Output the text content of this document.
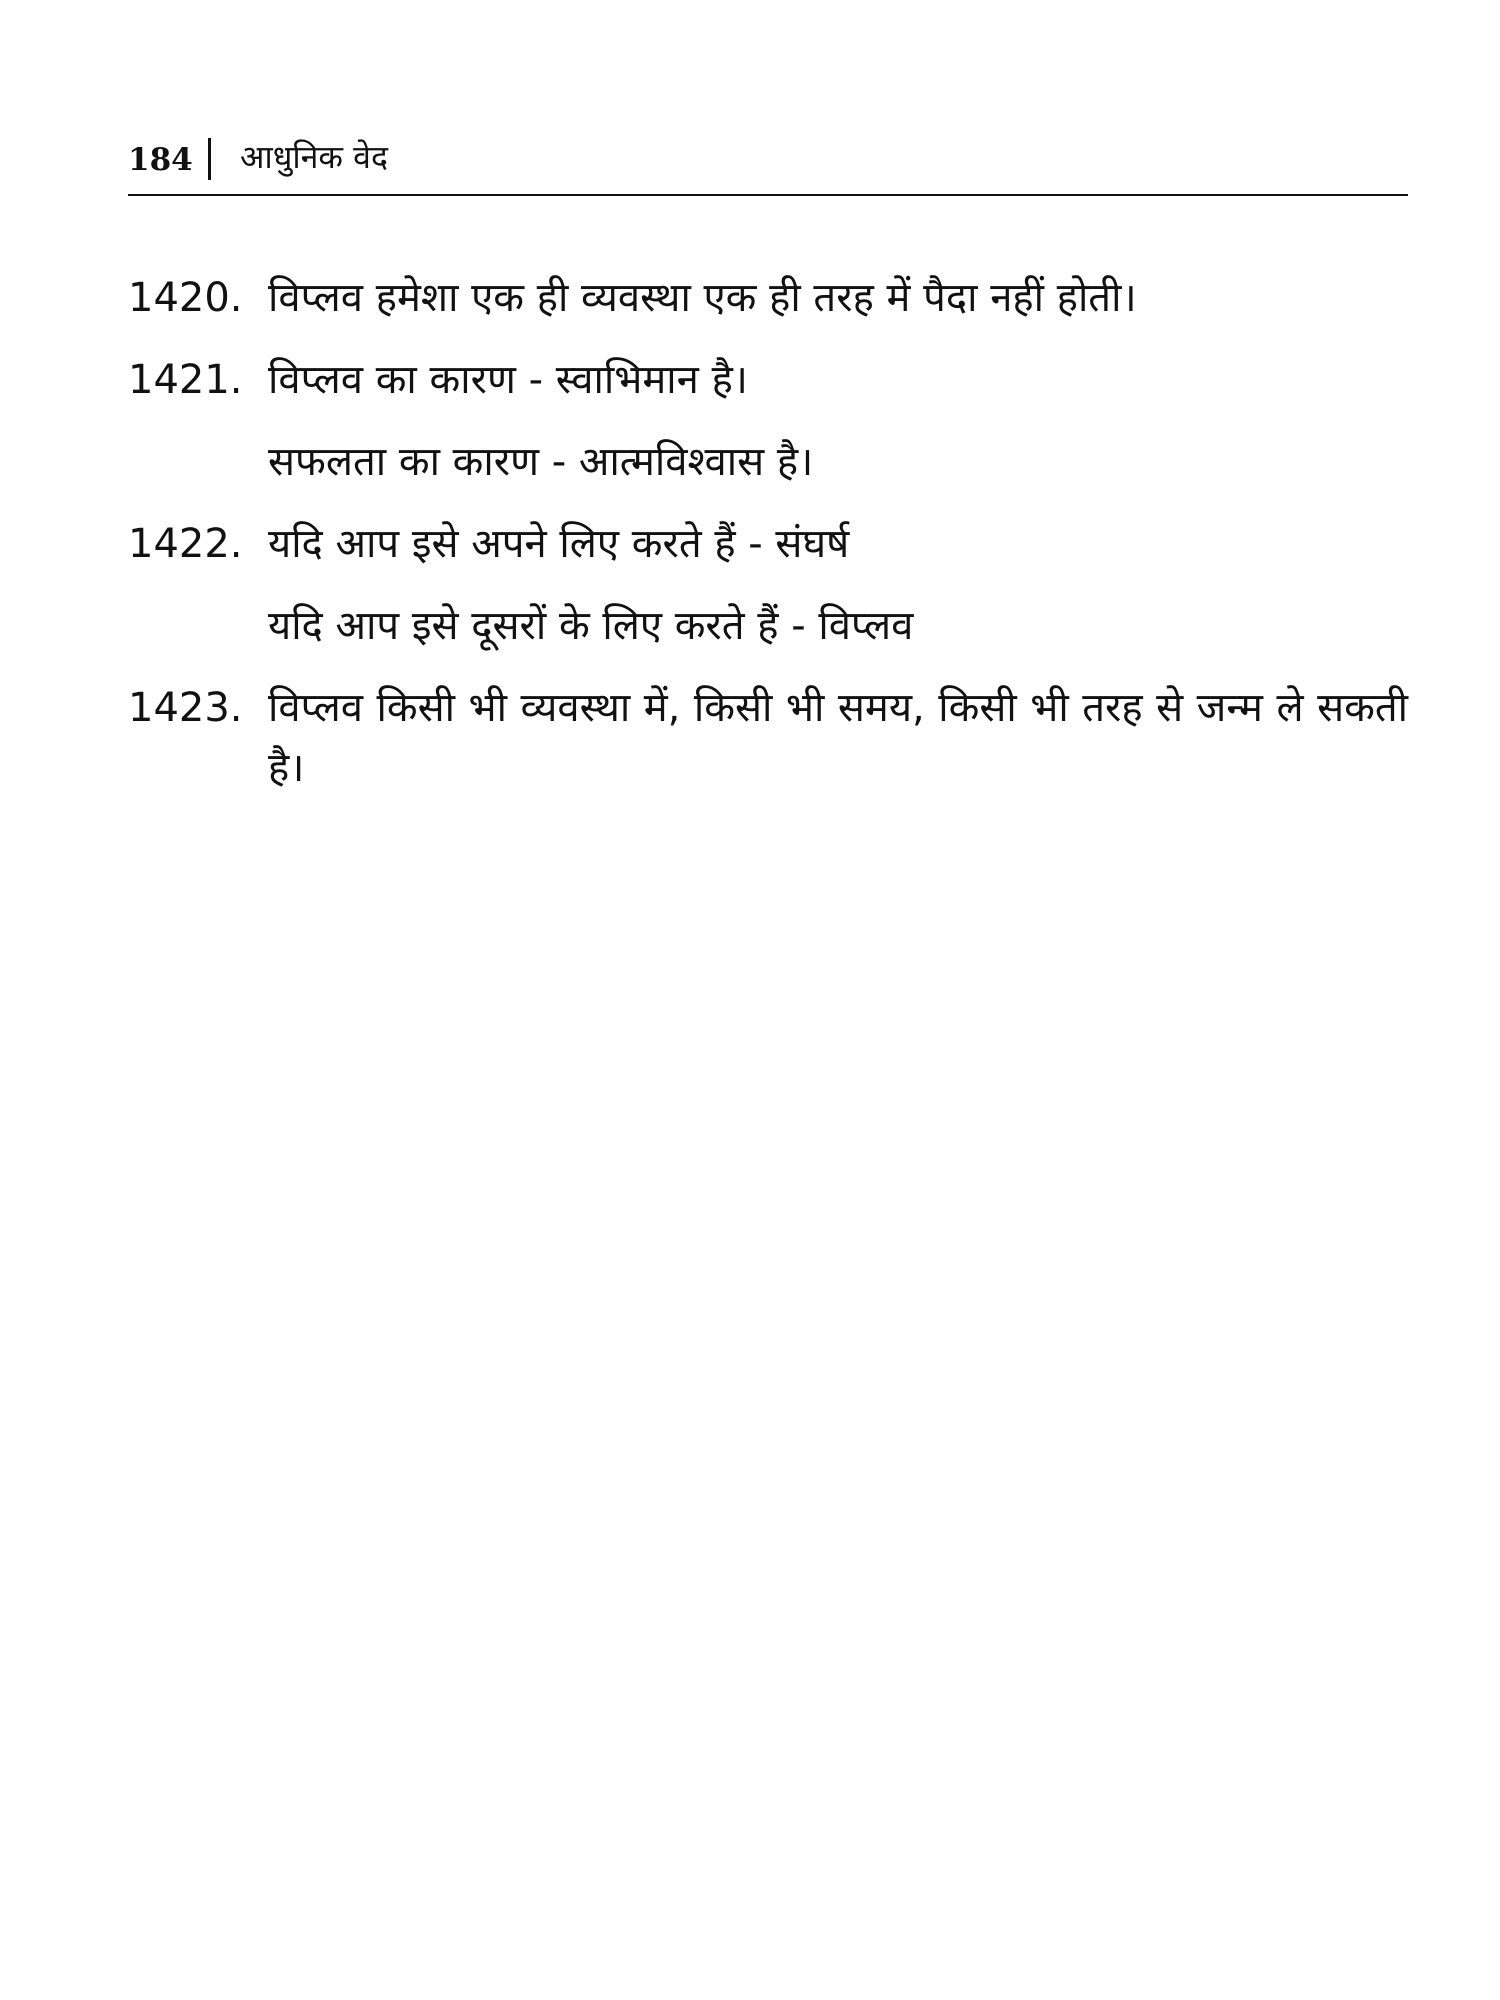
184 आधुनिक वेद
1420. विप्लव हमेशा एक ही व्यवस्था एक ही तरह में पैदा नहीं होती।
1421. विप्लव का कारण - स्वाभिमान है।
सफलता का कारण - आत्मविश्वास है।
1422. यदि आप इसे अपने लिए करते हैं - संघर्ष
यदि आप इसे दूसरों के लिए करते हैं - विप्लव
1423. विप्लव किसी भी व्यवस्था में, किसी भी समय, किसी भी तरह से जन्म ले सकती है।
